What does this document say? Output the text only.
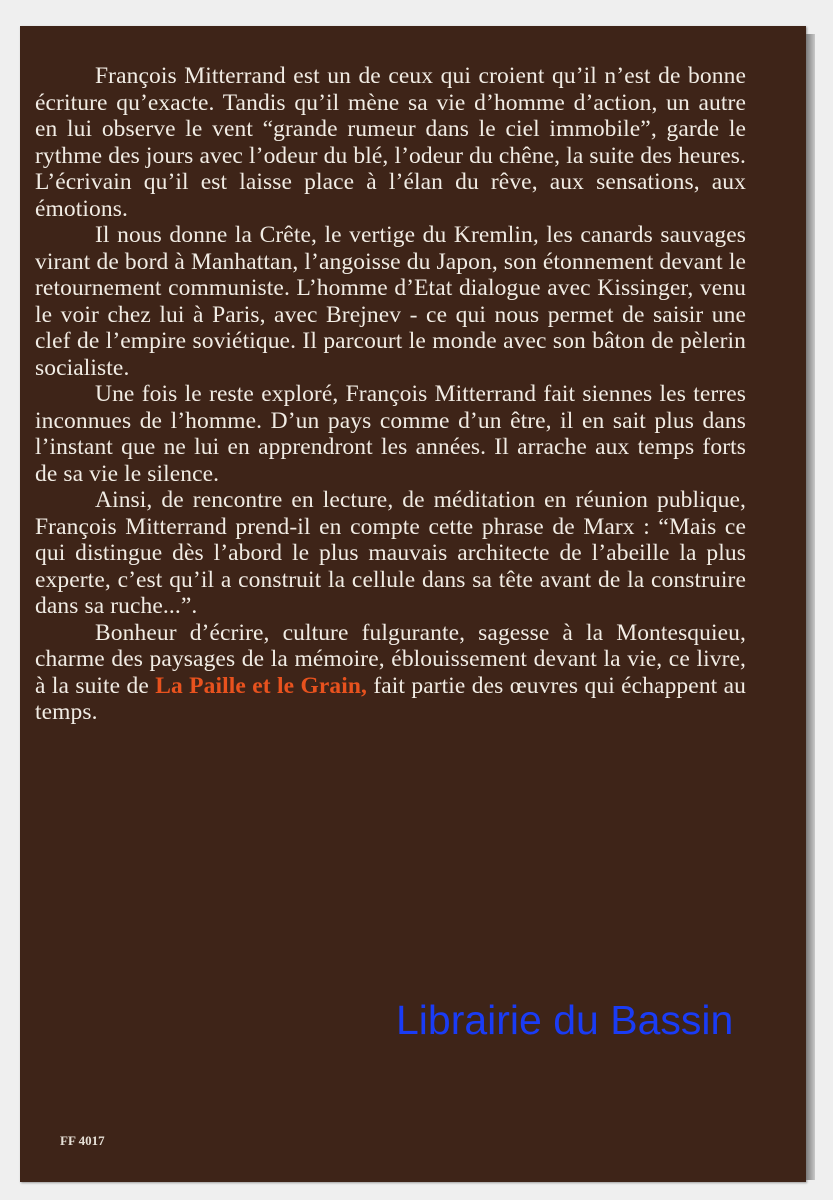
François Mitterrand est un de ceux qui croient qu’il n’est de bonne écriture qu’exacte. Tandis qu’il mène sa vie d’homme d’action, un autre en lui observe le vent “grande rumeur dans le ciel immobile”, garde le rythme des jours avec l’odeur du blé, l’odeur du chêne, la suite des heures. L’écrivain qu’il est laisse place à l’élan du rêve, aux sensations, aux émotions.

Il nous donne la Crête, le vertige du Kremlin, les canards sauvages virant de bord à Manhattan, l’angoisse du Japon, son étonnement devant le retournement communiste. L’homme d’Etat dialogue avec Kissinger, venu le voir chez lui à Paris, avec Brejnev - ce qui nous permet de saisir une clef de l’empire soviétique. Il parcourt le monde avec son bâton de pèlerin socialiste.

Une fois le reste exploré, François Mitterrand fait siennes les terres inconnues de l’homme. D’un pays comme d’un être, il en sait plus dans l’instant que ne lui en apprendront les années. Il arrache aux temps forts de sa vie le silence.

Ainsi, de rencontre en lecture, de méditation en réunion publique, François Mitterrand prend-il en compte cette phrase de Marx : “Mais ce qui distingue dès l’abord le plus mauvais architecte de l’abeille la plus experte, c’est qu’il a construit la cellule dans sa tête avant de la construire dans sa ruche...”.

Bonheur d’écrire, culture fulgurante, sagesse à la Montesquieu, charme des paysages de la mémoire, éblouissement devant la vie, ce livre, à la suite de La Paille et le Grain, fait partie des œuvres qui échappent au temps.

Librairie du Bassin
FF 4017
